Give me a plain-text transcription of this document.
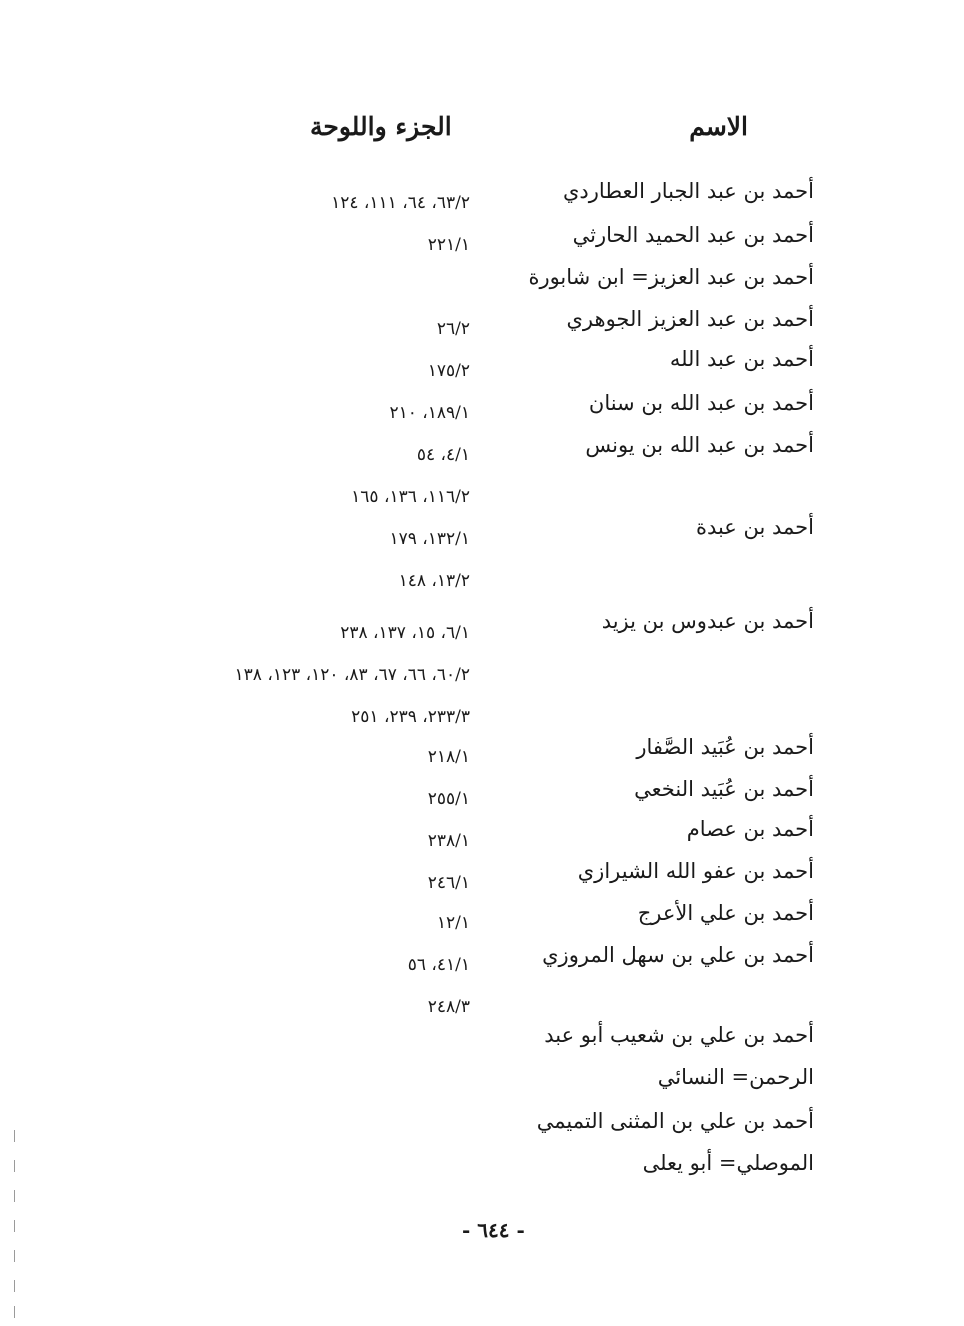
الاسم
الجزء واللوحة
أحمد بن عبد الجبار العطاردي
أحمد بن عبد الحميد الحارثي
أحمد بن عبد العزيز= ابن شابورة
أحمد بن عبد العزيز الجوهري
أحمد بن عبد الله
أحمد بن عبد الله بن سنان
أحمد بن عبد الله بن يونس
أحمد بن عبدة
أحمد بن عبدوس بن يزيد
أحمد بن عُبَيد الصَّفار
أحمد بن عُبَيد النخعي
أحمد بن عصام
أحمد بن عفو الله الشيرازي
أحمد بن علي الأعرج
أحمد بن علي بن سهل المروزي
أحمد بن علي بن شعيب أبو عبد الرحمن= النسائي
أحمد بن علي بن المثنى التميمي الموصلي= أبو يعلى
٦٣/٢، ٦٤، ١١١، ١٢٤
٢٢١/١
٢٦/٢
١٧٥/٢
١٨٩/١، ٢١٠
٤/١، ٥٤
١١٦/٢، ١٣٦، ١٦٥
١٣٢/١، ١٧٩
١٣/٢، ١٤٨
٦/١، ١٥، ١٣٧، ٢٣٨
٦٠/٢، ٦٦، ٦٧، ٨٣، ١٢٠، ١٢٣، ١٣٨
٢٣٣/٣، ٢٣٩، ٢٥١
٢١٨/١
٢٥٥/١
٢٣٨/١
٢٤٦/١
١٢/١
٤١/١، ٥٦
٢٤٨/٣
- ٦٤٤ -
